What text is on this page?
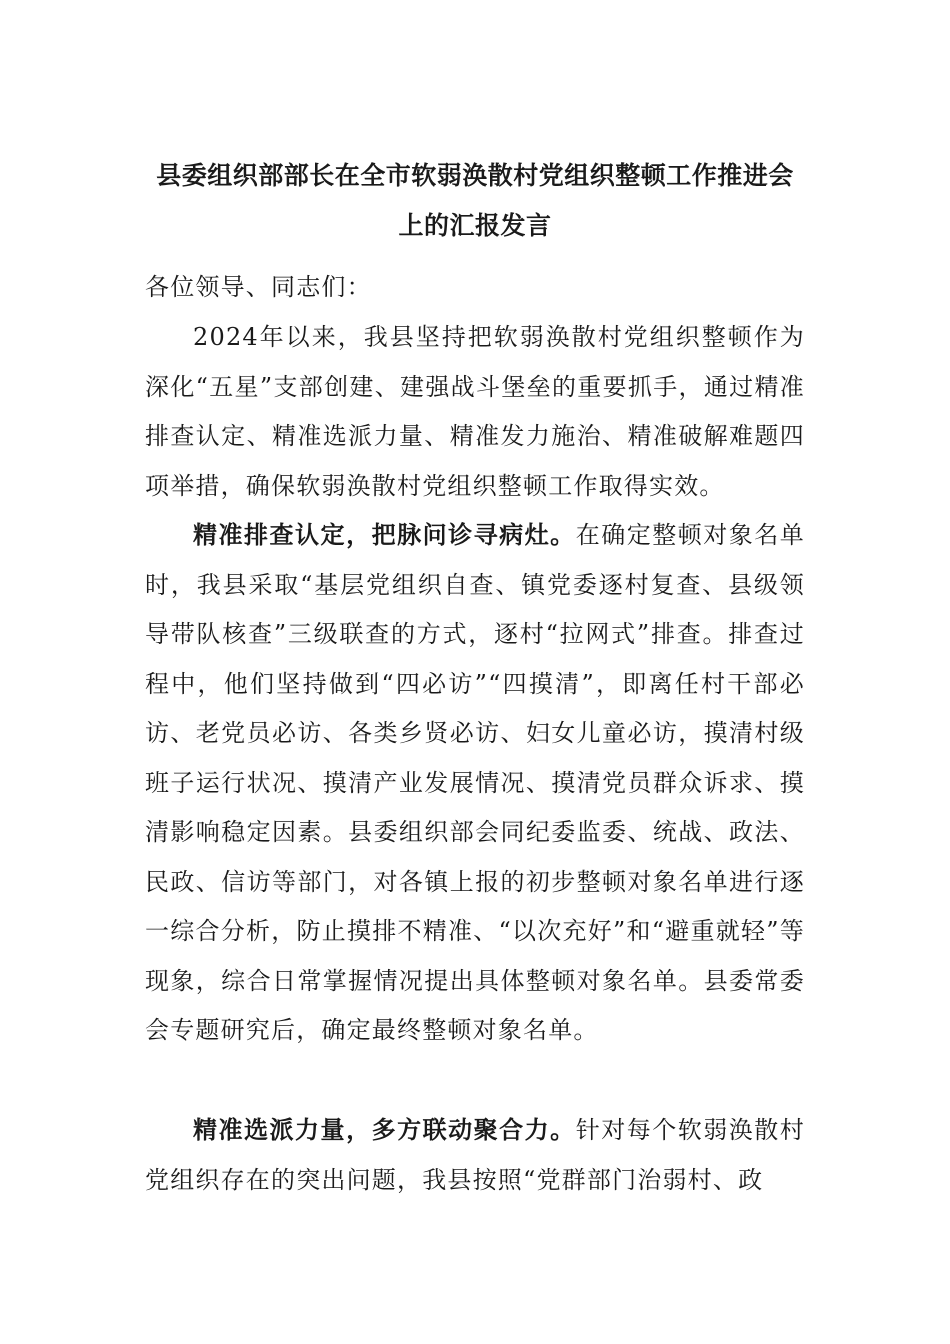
县委组织部部长在全市软弱涣散村党组织整顿工作推进会
上的汇报发言
各位领导、同志们：
2024年以来，我县坚持把软弱涣散村党组织整顿作为深化“五星”支部创建、建强战斗堡垒的重要抓手，通过精准排查认定、精准选派力量、精准发力施治、精准破解难题四项举措，确保软弱涣散村党组织整顿工作取得实效。
精准排查认定，把脉问诊寻病灶。在确定整顿对象名单时，我县采取“基层党组织自查、镇党委逐村复查、县级领导带队核查”三级联查的方式，逐村“拉网式”排查。排查过程中，他们坚持做到“四必访”“四摸清”，即离任村干部必访、老党员必访、各类乡贤必访、妇女儿童必访，摸清村级班子运行状况、摸清产业发展情况、摸清党员群众诉求、摸清影响稳定因素。县委组织部会同纪委监委、统战、政法、民政、信访等部门，对各镇上报的初步整顿对象名单进行逐一综合分析，防止摸排不精准、“以次充好”和“避重就轻”等现象，综合日常掌握情况提出具体整顿对象名单。县委常委会专题研究后，确定最终整顿对象名单。
精准选派力量，多方联动聚合力。针对每个软弱涣散村党组织存在的突出问题，我县按照“党群部门治弱村、政
